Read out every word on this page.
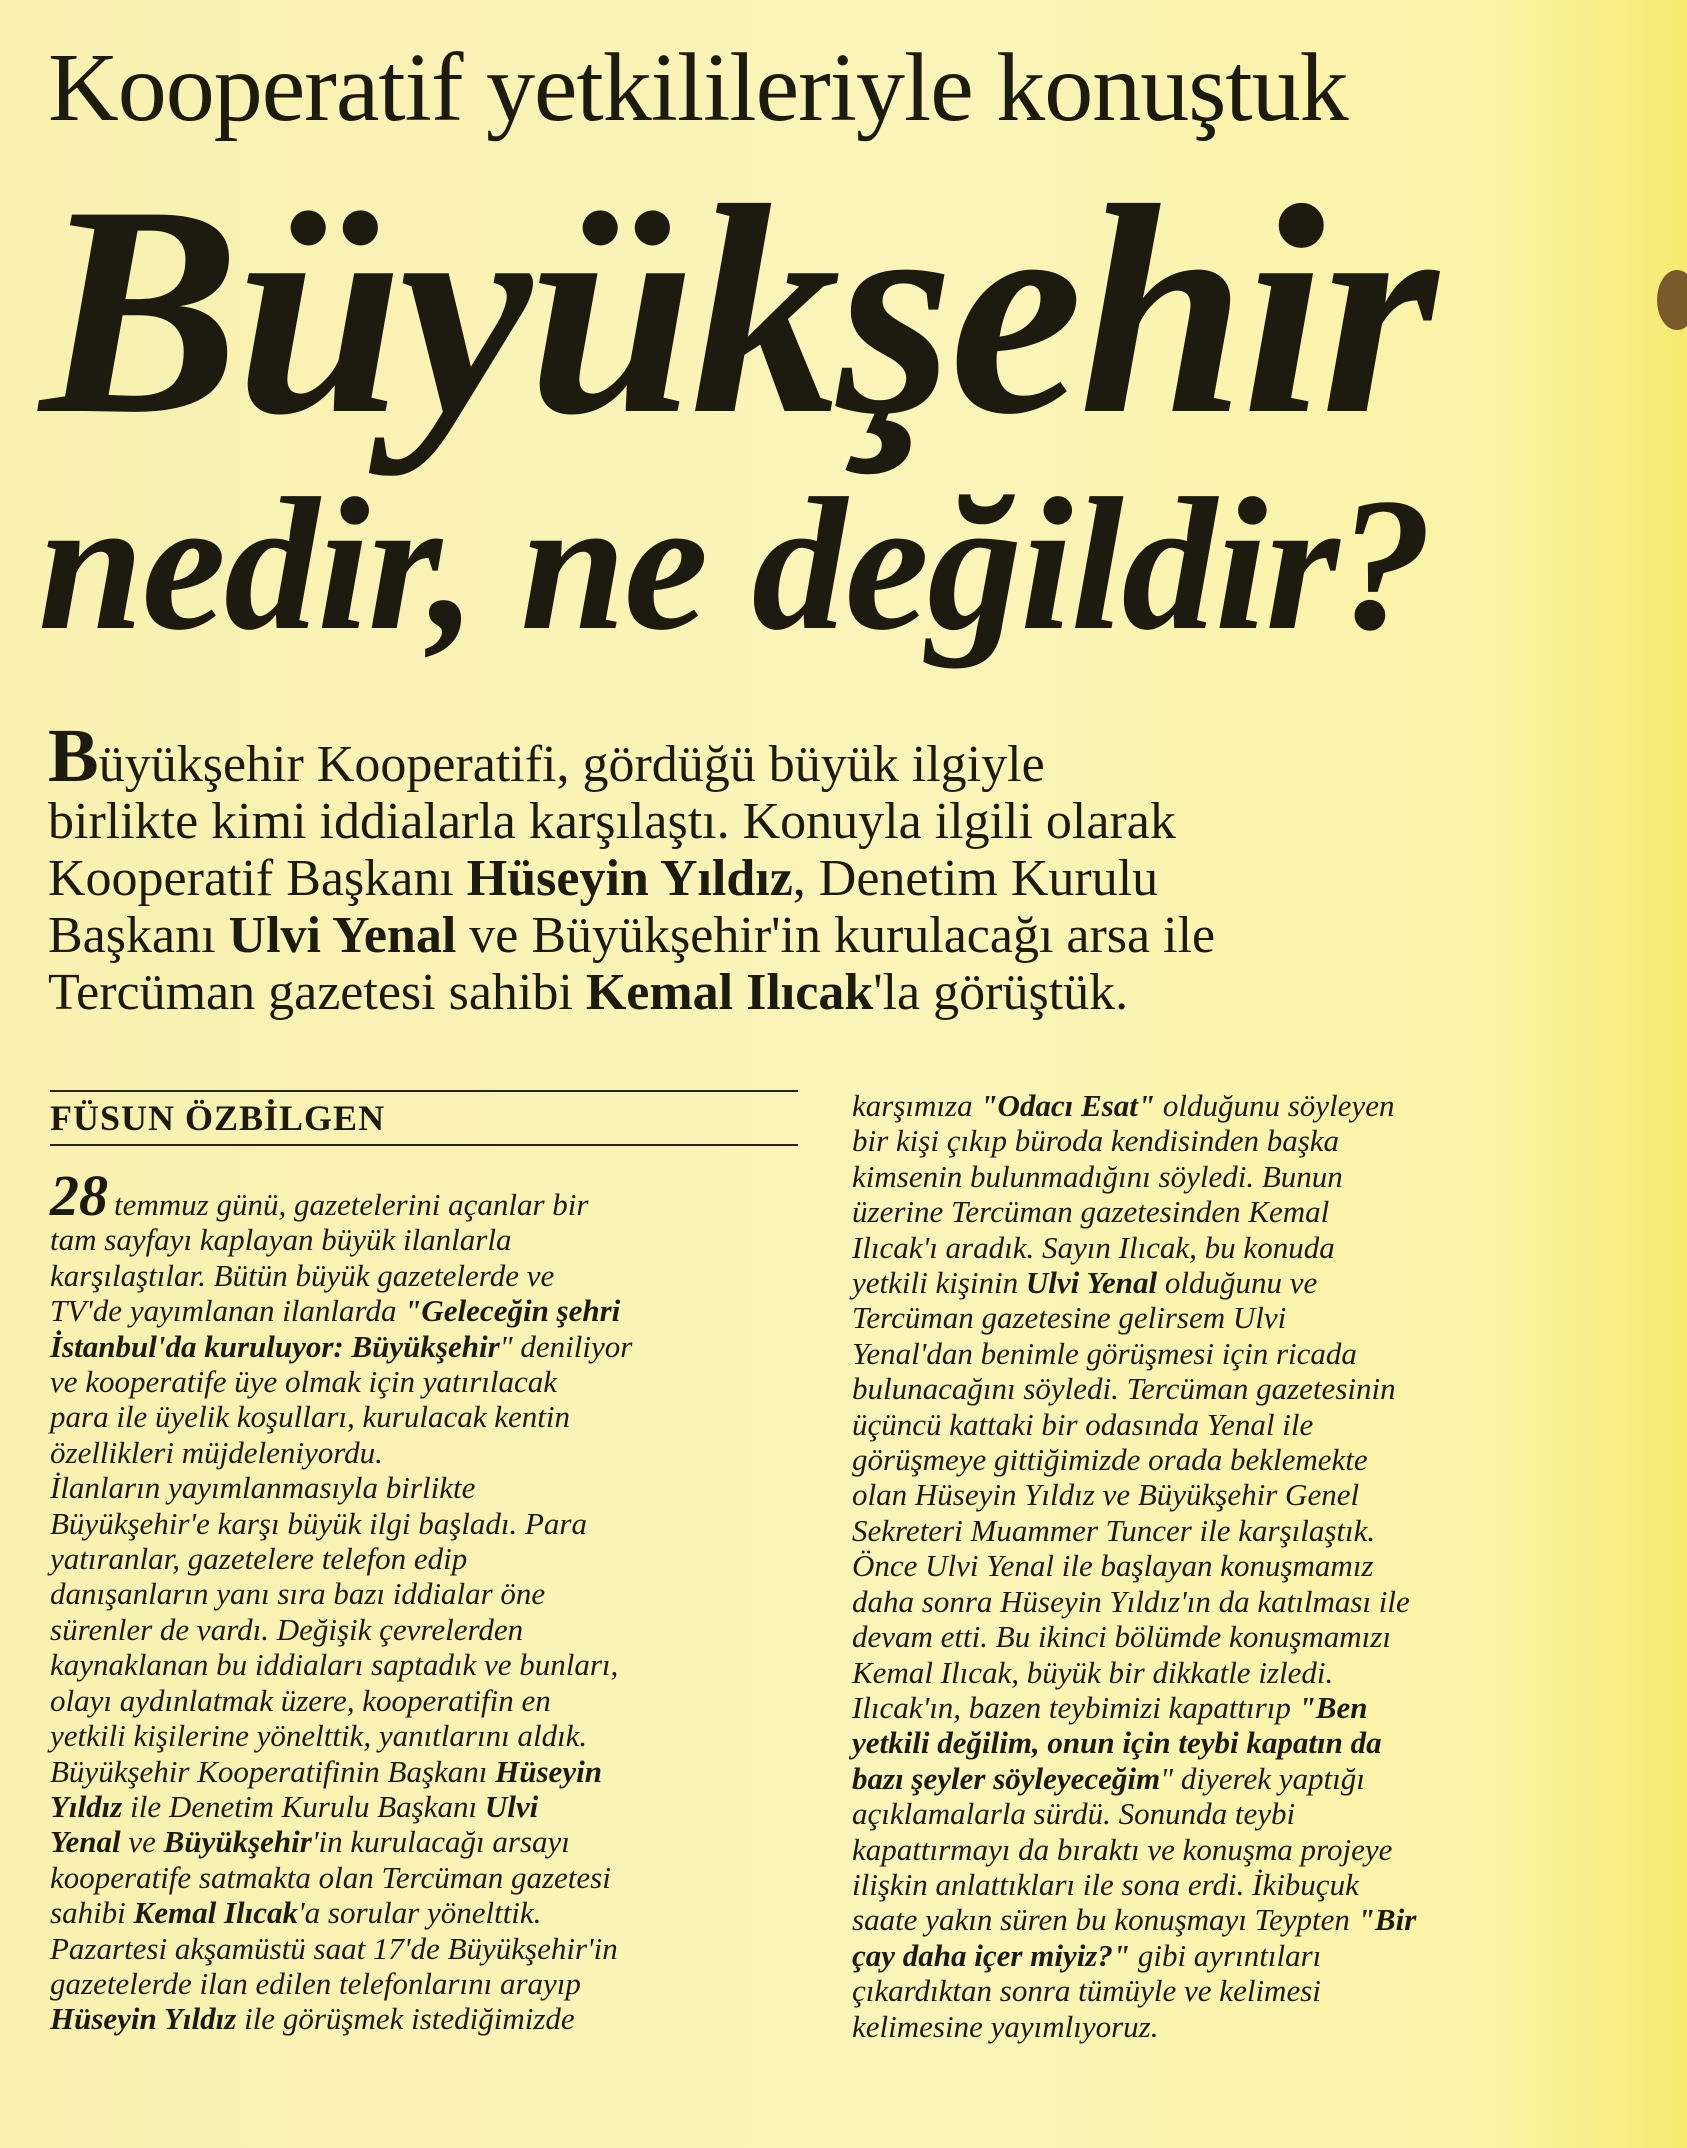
Kooperatif yetkilileriyle konuştuk
Büyükşehir
nedir, ne değildir?
Büyükşehir Kooperatifi, gördüğü büyük ilgiyle
birlikte kimi iddialarla karşılaştı. Konuyla ilgili olarak
Kooperatif Başkanı Hüseyin Yıldız, Denetim Kurulu
Başkanı Ulvi Yenal ve Büyükşehir'in kurulacağı arsa ile
Tercüman gazetesi sahibi Kemal Ilıcak'la görüştük.
FÜSUN ÖZBİLGEN
28 temmuz günü, gazetelerini açanlar bir
tam sayfayı kaplayan büyük ilanlarla
karşılaştılar. Bütün büyük gazetelerde ve
TV'de yayımlanan ilanlarda "Geleceğin şehri
İstanbul'da kuruluyor: Büyükşehir" deniliyor
ve kooperatife üye olmak için yatırılacak
para ile üyelik koşulları, kurulacak kentin
özellikleri müjdeleniyordu.
İlanların yayımlanmasıyla birlikte
Büyükşehir'e karşı büyük ilgi başladı. Para
yatıranlar, gazetelere telefon edip
danışanların yanı sıra bazı iddialar öne
sürenler de vardı. Değişik çevrelerden
kaynaklanan bu iddiaları saptadık ve bunları,
olayı aydınlatmak üzere, kooperatifin en
yetkili kişilerine yönelttik, yanıtlarını aldık.
Büyükşehir Kooperatifinin Başkanı Hüseyin
Yıldız ile Denetim Kurulu Başkanı Ulvi
Yenal ve Büyükşehir'in kurulacağı arsayı
kooperatife satmakta olan Tercüman gazetesi
sahibi Kemal Ilıcak'a sorular yönelttik.
Pazartesi akşamüstü saat 17'de Büyükşehir'in
gazetelerde ilan edilen telefonlarını arayıp
Hüseyin Yıldız ile görüşmek istediğimizde
karşımıza "Odacı Esat" olduğunu söyleyen
bir kişi çıkıp büroda kendisinden başka
kimsenin bulunmadığını söyledi. Bunun
üzerine Tercüman gazetesinden Kemal
Ilıcak'ı aradık. Sayın Ilıcak, bu konuda
yetkili kişinin Ulvi Yenal olduğunu ve
Tercüman gazetesine gelirsem Ulvi
Yenal'dan benimle görüşmesi için ricada
bulunacağını söyledi. Tercüman gazetesinin
üçüncü kattaki bir odasında Yenal ile
görüşmeye gittiğimizde orada beklemekte
olan Hüseyin Yıldız ve Büyükşehir Genel
Sekreteri Muammer Tuncer ile karşılaştık.
Önce Ulvi Yenal ile başlayan konuşmamız
daha sonra Hüseyin Yıldız'ın da katılması ile
devam etti. Bu ikinci bölümde konuşmamızı
Kemal Ilıcak, büyük bir dikkatle izledi.
Ilıcak'ın, bazen teybimizi kapattırıp "Ben
yetkili değilim, onun için teybi kapatın da
bazı şeyler söyleyeceğim" diyerek yaptığı
açıklamalarla sürdü. Sonunda teybi
kapattırmayı da bıraktı ve konuşma projeye
ilişkin anlattıkları ile sona erdi. İkibuçuk
saate yakın süren bu konuşmayı Teypten "Bir
çay daha içer miyiz?" gibi ayrıntıları
çıkardıktan sonra tümüyle ve kelimesi
kelimesine yayımlıyoruz.
